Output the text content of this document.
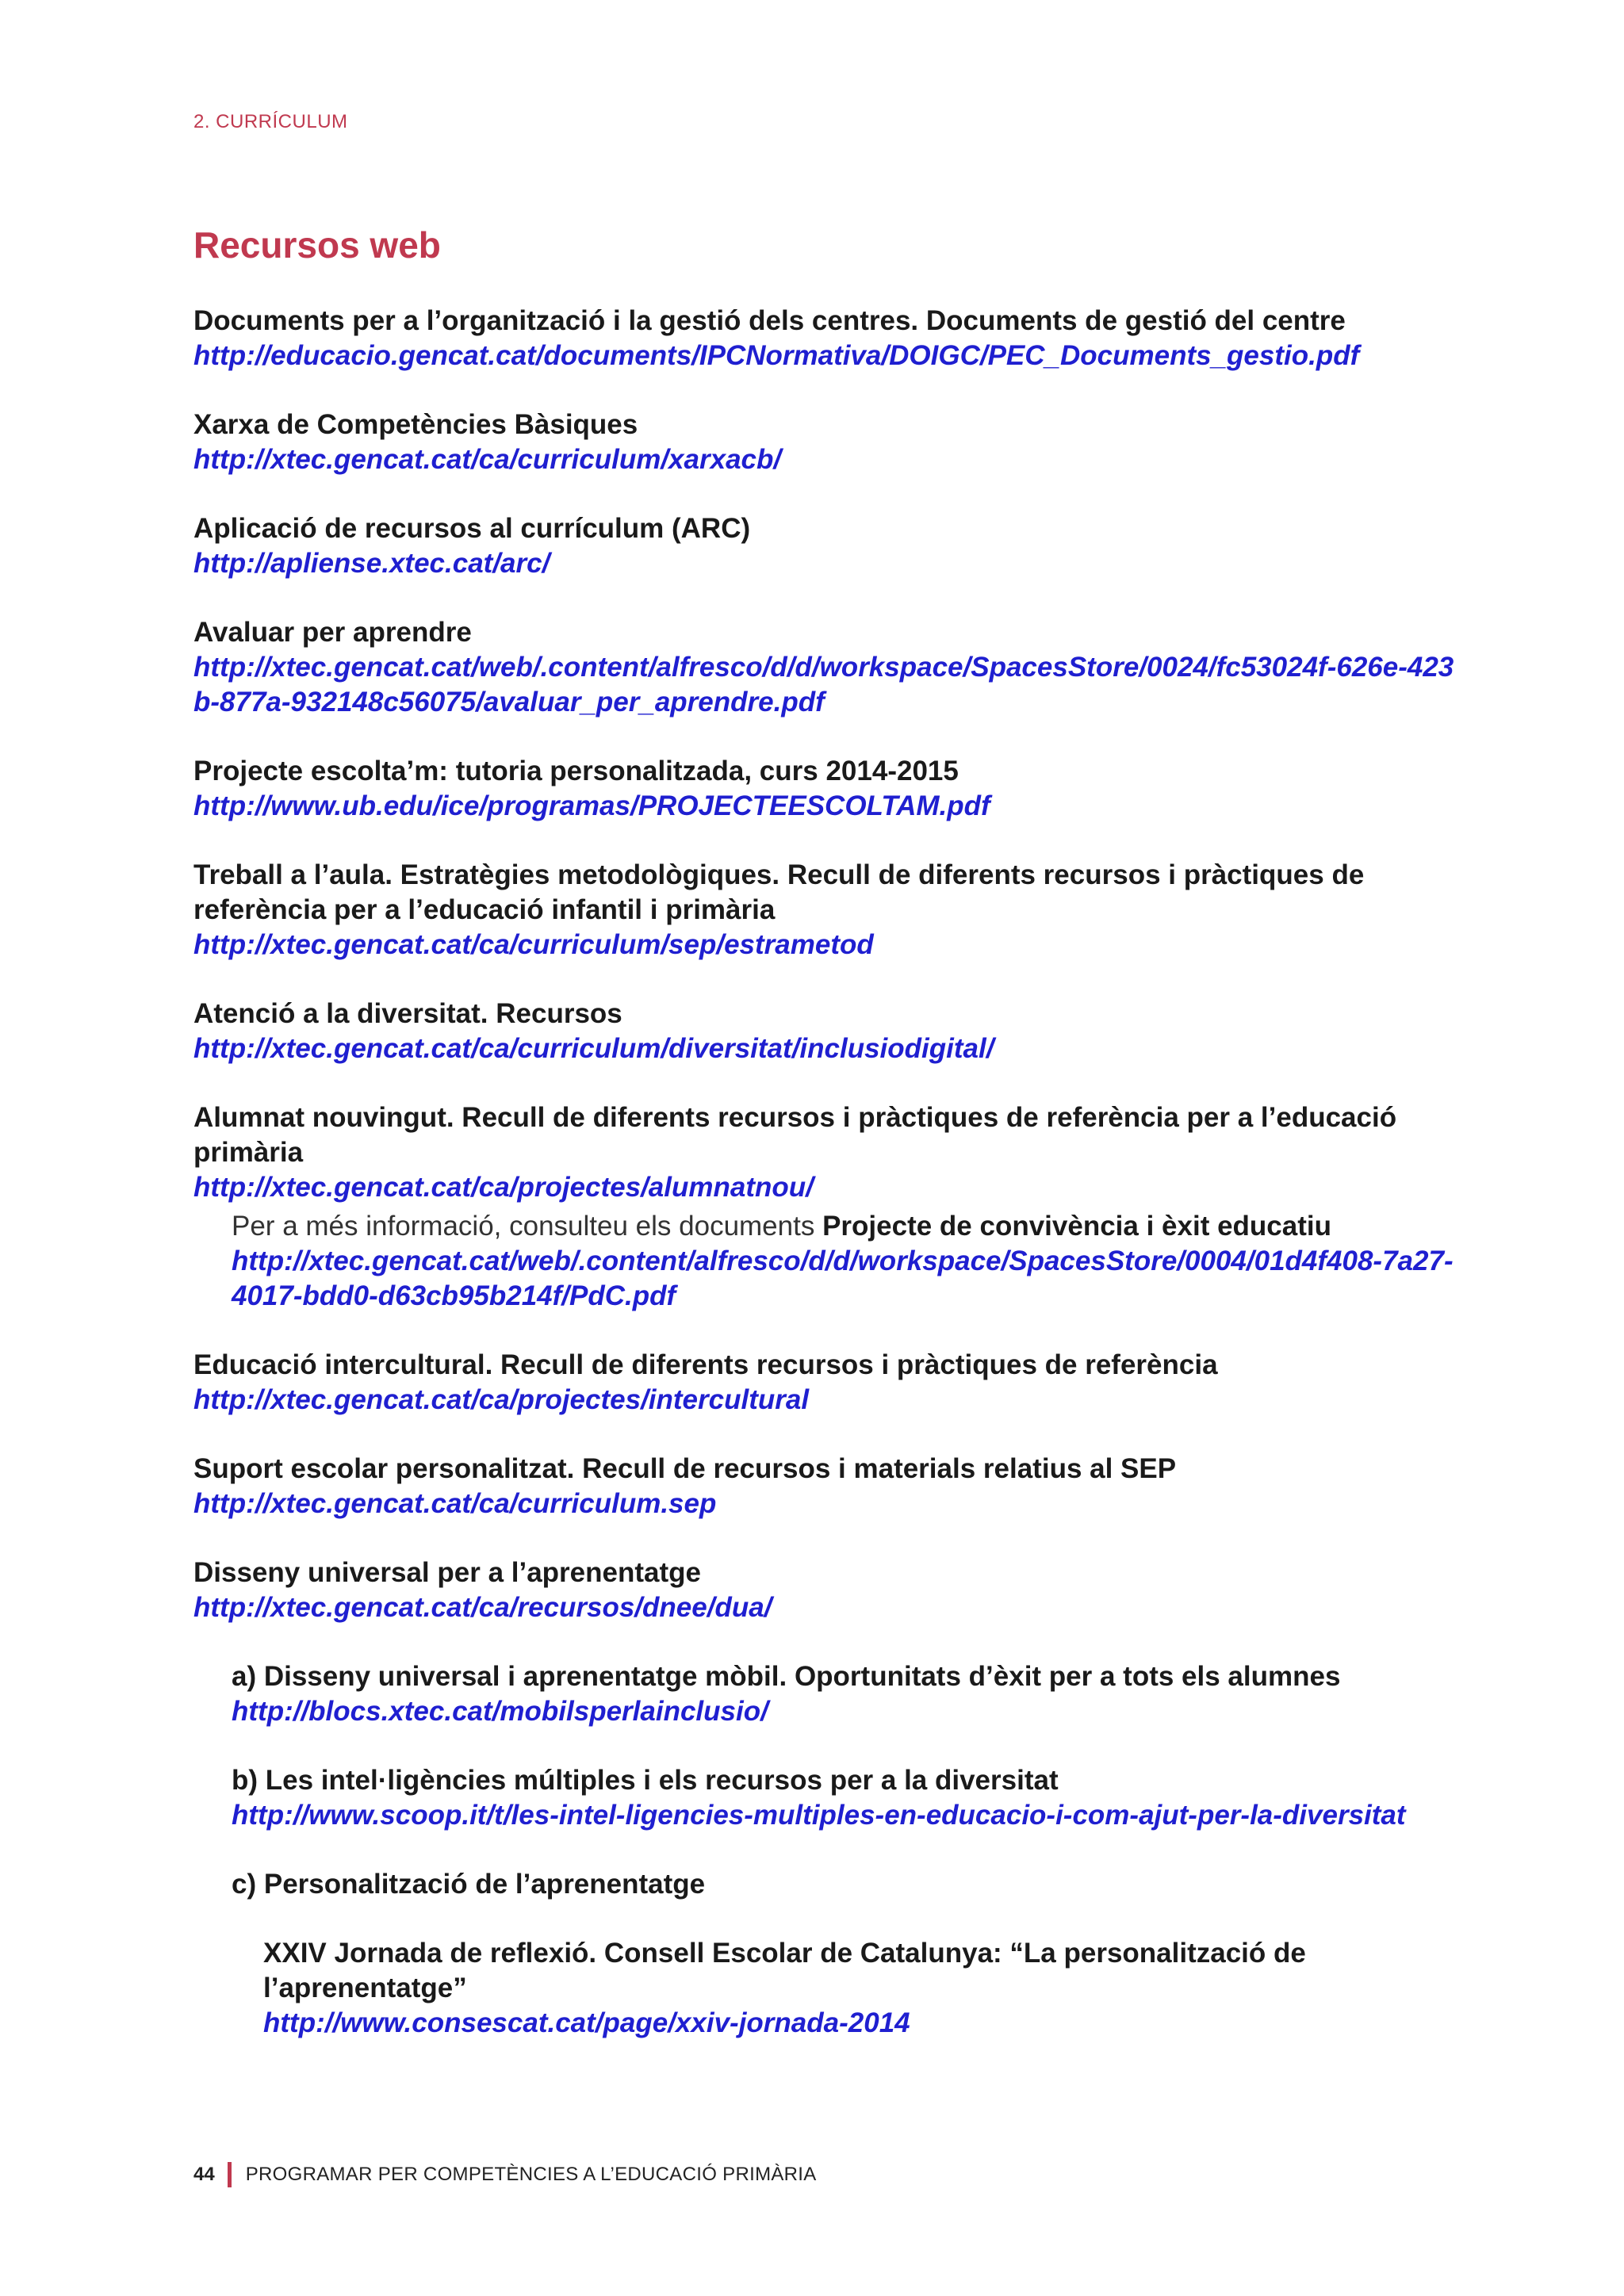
2. CURRÍCULUM
Recursos web
Documents per a l’organització i la gestió dels centres. Documents de gestió del centre
http://educacio.gencat.cat/documents/IPCNormativa/DOIGC/PEC_Documents_gestio.pdf
Xarxa de Competències Bàsiques
http://xtec.gencat.cat/ca/curriculum/xarxacb/
Aplicació de recursos al currículum (ARC)
http://apliense.xtec.cat/arc/
Avaluar per aprendre
http://xtec.gencat.cat/web/.content/alfresco/d/d/workspace/SpacesStore/0024/fc53024f-626e-423b-877a-932148c56075/avaluar_per_aprendre.pdf
Projecte escolta’m: tutoria personalitzada, curs 2014-2015
http://www.ub.edu/ice/programas/PROJECTEESCOLTAM.pdf
Treball a l’aula. Estratègies metodològiques. Recull de diferents recursos i pràctiques de referència per a l’educació infantil i primària
http://xtec.gencat.cat/ca/curriculum/sep/estrametod
Atenció a la diversitat. Recursos
http://xtec.gencat.cat/ca/curriculum/diversitat/inclusiodigital/
Alumnat nouvingut. Recull de diferents recursos i pràctiques de referència per a l’educació primària
http://xtec.gencat.cat/ca/projectes/alumnatnou/
Per a més informació, consulteu els documents Projecte de convivència i èxit educatiu
http://xtec.gencat.cat/web/.content/alfresco/d/d/workspace/SpacesStore/0004/01d4f408-7a27-4017-bdd0-d63cb95b214f/PdC.pdf
Educació intercultural. Recull de diferents recursos i pràctiques de referència
http://xtec.gencat.cat/ca/projectes/intercultural
Suport escolar personalitzat. Recull de recursos i materials relatius al SEP
http://xtec.gencat.cat/ca/curriculum.sep
Disseny universal per a l’aprenentatge
http://xtec.gencat.cat/ca/recursos/dnee/dua/
a) Disseny universal i aprenentatge mòbil. Oportunitats d’èxit per a tots els alumnes
http://blocs.xtec.cat/mobilsperlainclusio/
b) Les intel·ligències múltiples i els recursos per a la diversitat
http://www.scoop.it/t/les-intel-ligencies-multiples-en-educacio-i-com-ajut-per-la-diversitat
c) Personalització de l’aprenentatge
XXIV Jornada de reflexió. Consell Escolar de Catalunya: “La personalització de l’aprenentatge”
http://www.consescat.cat/page/xxiv-jornada-2014
44 PROGRAMAR PER COMPETÈNCIES A L’EDUCACIÓ PRIMÀRIA
